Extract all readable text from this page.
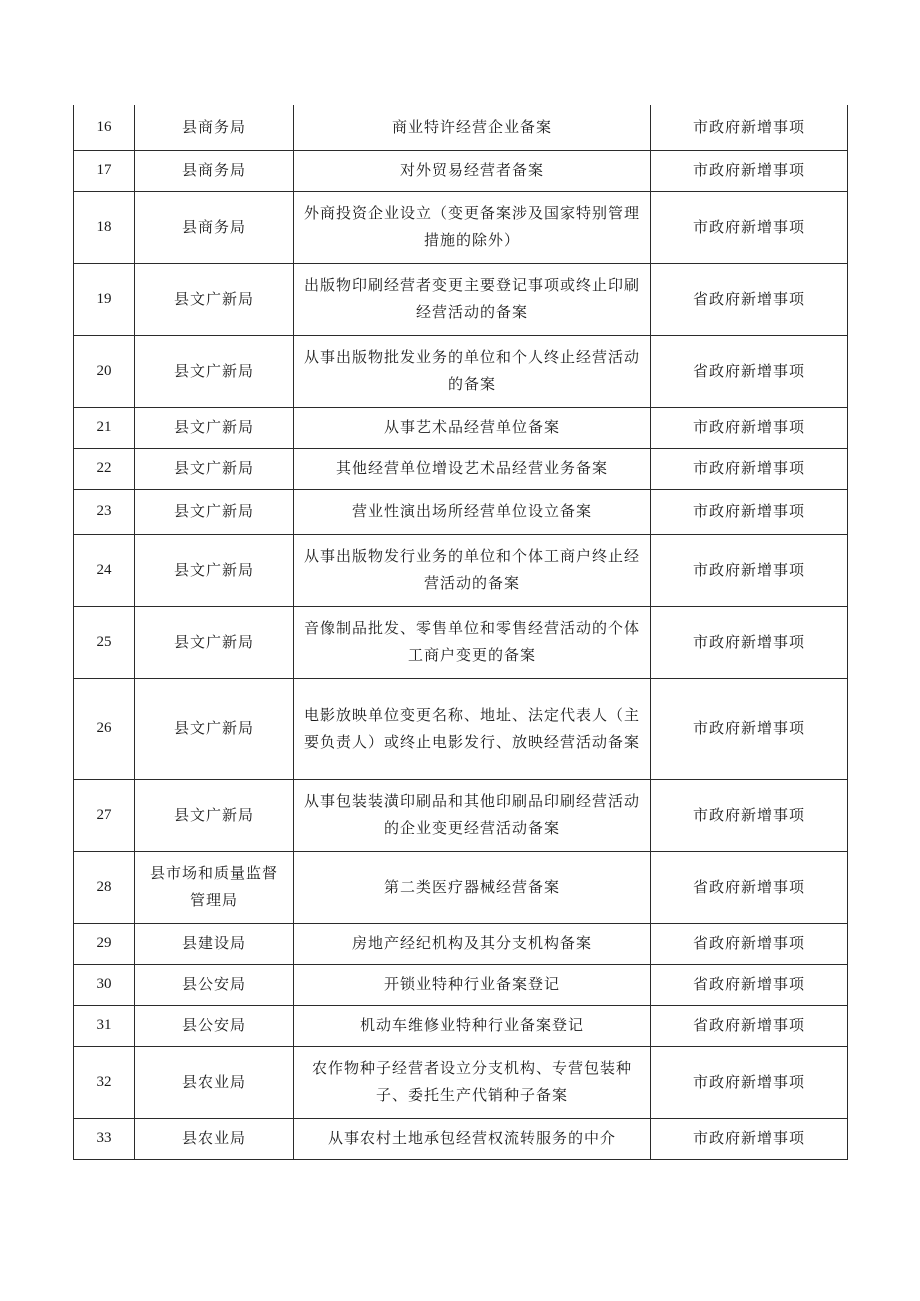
16	县商务局	商业特许经营企业备案	市政府新增事项
17	县商务局	对外贸易经营者备案	市政府新增事项
18	县商务局	外商投资企业设立（变更备案涉及国家特别管理措施的除外）	市政府新增事项
19	县文广新局	出版物印刷经营者变更主要登记事项或终止印刷经营活动的备案	省政府新增事项
20	县文广新局	从事出版物批发业务的单位和个人终止经营活动的备案	省政府新增事项
21	县文广新局	从事艺术品经营单位备案	市政府新增事项
22	县文广新局	其他经营单位增设艺术品经营业务备案	市政府新增事项
23	县文广新局	营业性演出场所经营单位设立备案	市政府新增事项
24	县文广新局	从事出版物发行业务的单位和个体工商户终止经营活动的备案	市政府新增事项
25	县文广新局	音像制品批发、零售单位和零售经营活动的个体工商户变更的备案	市政府新增事项
26	县文广新局	电影放映单位变更名称、地址、法定代表人（主要负责人）或终止电影发行、放映经营活动备案	市政府新增事项
27	县文广新局	从事包装装潢印刷品和其他印刷品印刷经营活动的企业变更经营活动备案	市政府新增事项
28	县市场和质量监督管理局	第二类医疗器械经营备案	省政府新增事项
29	县建设局	房地产经纪机构及其分支机构备案	省政府新增事项
30	县公安局	开锁业特种行业备案登记	省政府新增事项
31	县公安局	机动车维修业特种行业备案登记	省政府新增事项
32	县农业局	农作物种子经营者设立分支机构、专营包装种子、委托生产代销种子备案	市政府新增事项
33	县农业局	从事农村土地承包经营权流转服务的中介	市政府新增事项
